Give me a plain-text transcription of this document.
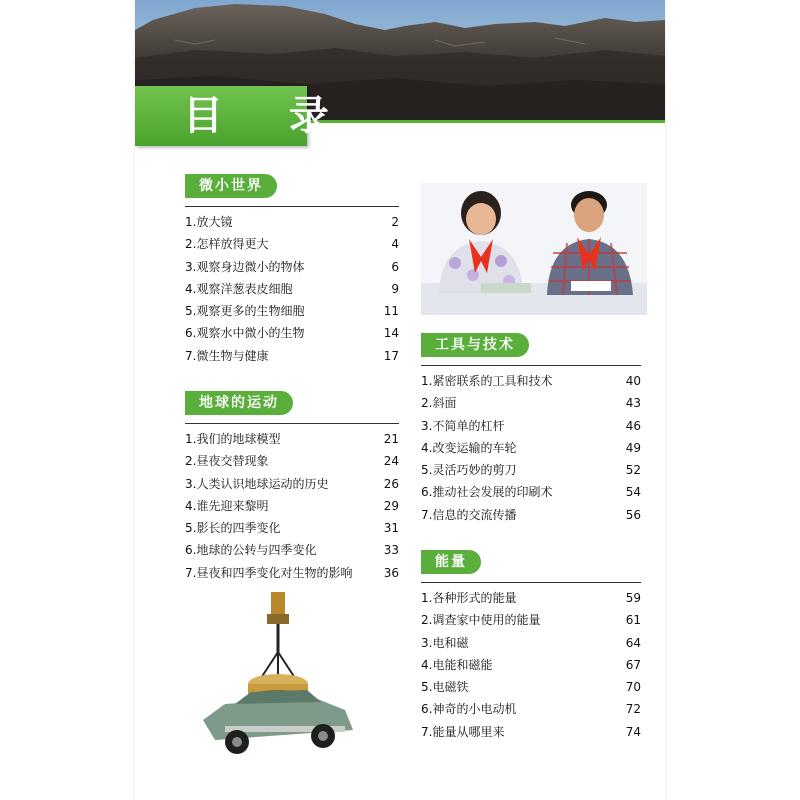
目 录
微小世界
1.放大镜	2
2.怎样放得更大	4
3.观察身边微小的物体	6
4.观察洋葱表皮细胞	9
5.观察更多的生物细胞	11
6.观察水中微小的生物	14
7.微生物与健康	17
地球的运动
1.我们的地球模型	21
2.昼夜交替现象	24
3.人类认识地球运动的历史	26
4.谁先迎来黎明	29
5.影长的四季变化	31
6.地球的公转与四季变化	33
7.昼夜和四季变化对生物的影响	36
工具与技术
1.紧密联系的工具和技术	40
2.斜面	43
3.不简单的杠杆	46
4.改变运输的车轮	49
5.灵活巧妙的剪刀	52
6.推动社会发展的印刷术	54
7.信息的交流传播	56
能量
1.各种形式的能量	59
2.调查家中使用的能量	61
3.电和磁	64
4.电能和磁能	67
5.电磁铁	70
6.神奇的小电动机	72
7.能量从哪里来	74
